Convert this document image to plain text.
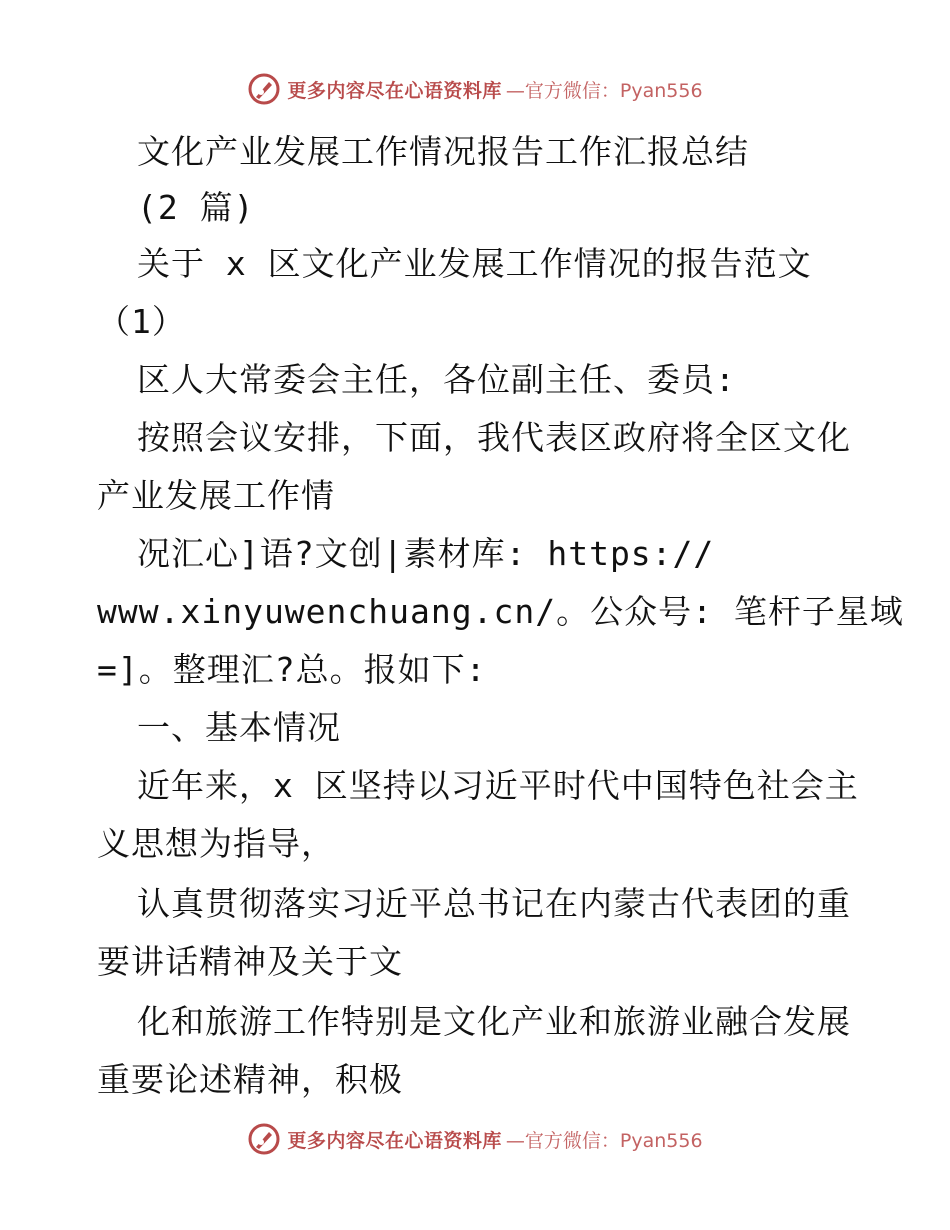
更多内容尽在心语资料库 —官方微信：Pyan556
文化产业发展工作情况报告工作汇报总结
(2 篇)
关于 x 区文化产业发展工作情况的报告范文
（1）
区人大常委会主任，各位副主任、委员:
按照会议安排，下面，我代表区政府将全区文化
产业发展工作情
况汇心]语?文创|素材库: https://
www.xinyuwenchuang.cn/。公众号: 笔杆子星域
=]。整理汇?总。报如下:
一、基本情况
近年来，x 区坚持以习近平时代中国特色社会主
义思想为指导，
认真贯彻落实习近平总书记在内蒙古代表团的重
要讲话精神及关于文
化和旅游工作特别是文化产业和旅游业融合发展
重要论述精神，积极
更多内容尽在心语资料库 —官方微信：Pyan556
